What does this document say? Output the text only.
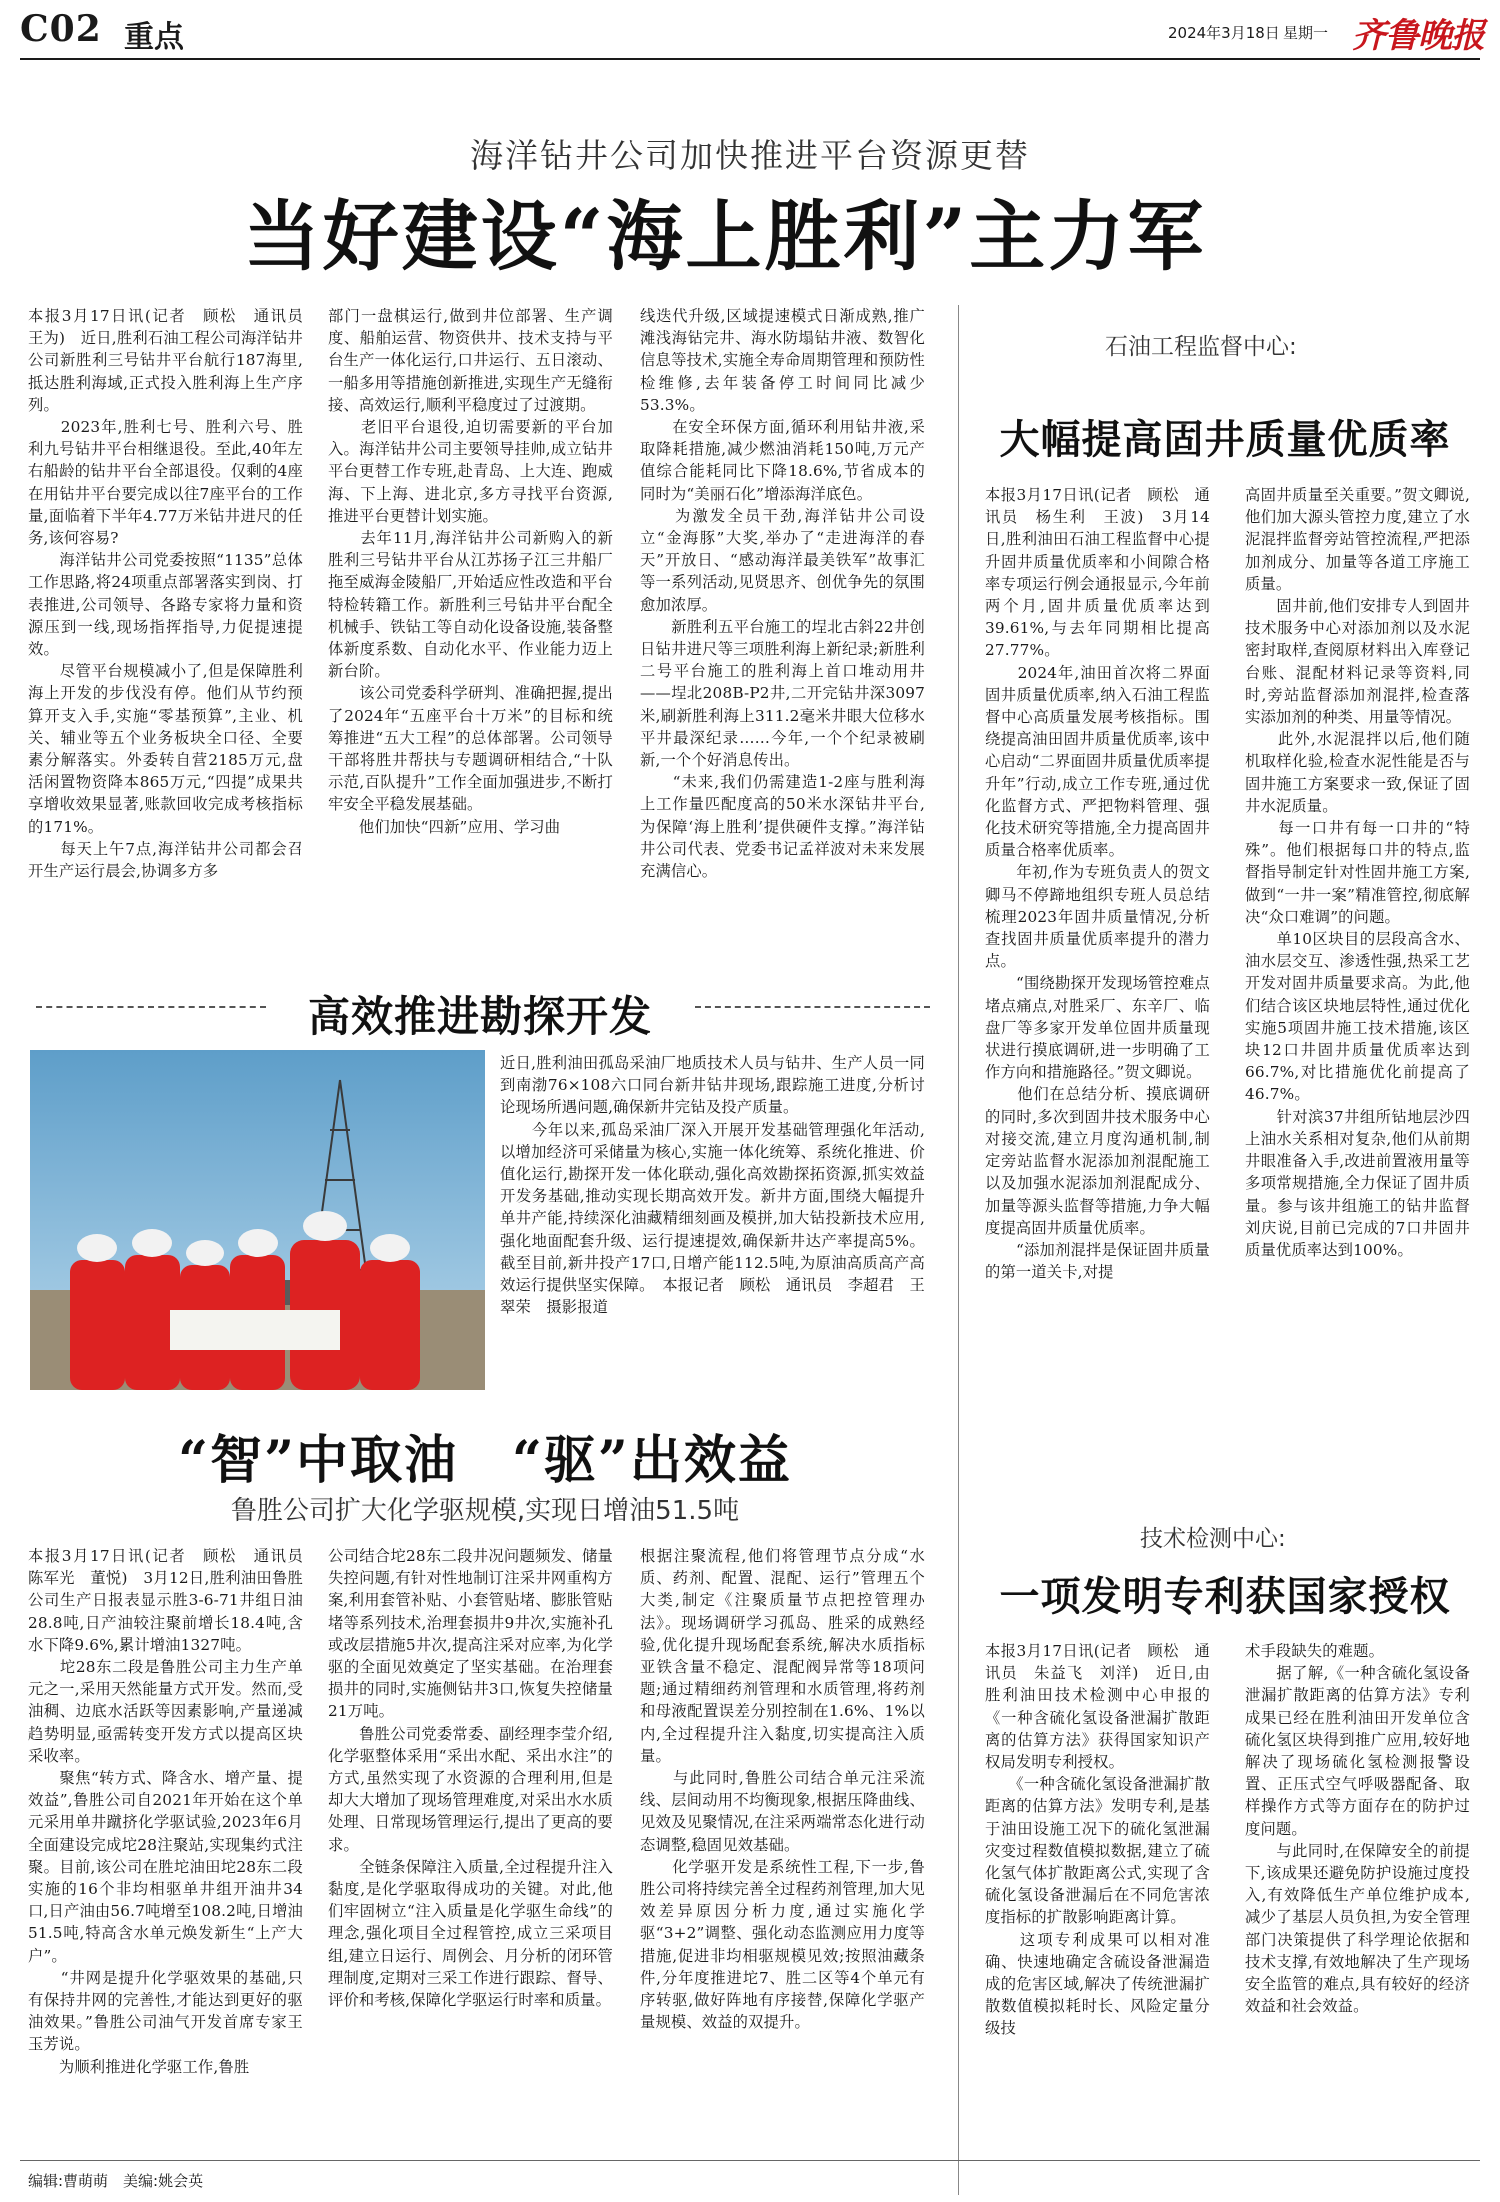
C02 重点	2024年3月18日 星期一 齐鲁晚报
海洋钻井公司加快推进平台资源更替
当好建设“海上胜利”主力军
本报3月17日讯(记者　顾松　通讯员　王为)　近日,胜利石油工程公司海洋钻井公司新胜利三号钻井平台航行187海里,抵达胜利海域,正式投入胜利海上生产序列。
　　2023年,胜利七号、胜利六号、胜利九号钻井平台相继退役。至此,40年左右船龄的钻井平台全部退役。仅剩的4座在用钻井平台要完成以往7座平台的工作量,面临着下半年4.77万米钻井进尺的任务,该何容易?
　　海洋钻井公司党委按照“1135”总体工作思路,将24项重点部署落实到岗、打表推进,公司领导、各路专家将力量和资源压到一线,现场指挥指导,力促提速提效。
　　尽管平台规模减小了,但是保障胜利海上开发的步伐没有停。他们从节约预算开支入手,实施“零基预算”,主业、机关、辅业等五个业务板块全口径、全要素分解落实。外委转自营2185万元,盘活闲置物资降本865万元,“四提”成果共享增收效果显著,账款回收完成考核指标的171%。
　　每天上午7点,海洋钻井公司都会召开生产运行晨会,协调多方多
部门一盘棋运行,做到井位部署、生产调度、船舶运营、物资供井、技术支持与平台生产一体化运行,口井运行、五日滚动、一船多用等措施创新推进,实现生产无缝衔接、高效运行,顺利平稳度过了过渡期。
　　老旧平台退役,迫切需要新的平台加入。海洋钻井公司主要领导挂帅,成立钻井平台更替工作专班,赴青岛、上大连、跑威海、下上海、进北京,多方寻找平台资源,推进平台更替计划实施。
　　去年11月,海洋钻井公司新购入的新胜利三号钻井平台从江苏扬子江三井船厂拖至威海金陵船厂,开始适应性改造和平台特检转籍工作。新胜利三号钻井平台配全机械手、铁钻工等自动化设备设施,装备整体新度系数、自动化水平、作业能力迈上新台阶。
　　该公司党委科学研判、准确把握,提出了2024年“五座平台十万米”的目标和统筹推进“五大工程”的总体部署。公司领导干部将胜井帮扶与专题调研相结合,“十队示范,百队提升”工作全面加强进步,不断打牢安全平稳发展基础。
　　他们加快“四新”应用、学习曲
线迭代升级,区域提速模式日渐成熟,推广滩浅海钻完井、海水防塌钻井液、数智化信息等技术,实施全寿命周期管理和预防性检维修,去年装备停工时间同比减少53.3%。
　　在安全环保方面,循环利用钻井液,采取降耗措施,减少燃油消耗150吨,万元产值综合能耗同比下降18.6%,节省成本的同时为“美丽石化”增添海洋底色。
　　为激发全员干劲,海洋钻井公司设立“金海豚”大奖,举办了“走进海洋的春天”开放日、“感动海洋最美铁军”故事汇等一系列活动,见贤思齐、创优争先的氛围愈加浓厚。
　　新胜利五平台施工的埕北古斜22井创日钻井进尺等三项胜利海上新纪录;新胜利二号平台施工的胜利海上首口堆动用井——埕北208B-P2井,二开完钻井深3097米,刷新胜利海上311.2毫米井眼大位移水平井最深纪录……今年,一个个纪录被刷新,一个个好消息传出。
　　“未来,我们仍需建造1-2座与胜利海上工作量匹配度高的50米水深钻井平台,为保障‘海上胜利’提供硬件支撑。”海洋钻井公司代表、党委书记孟祥波对未来发展充满信心。
高效推进勘探开发
近日,胜利油田孤岛采油厂地质技术人员与钻井、生产人员一同到南渤76×108六口同台新井钻井现场,跟踪施工进度,分析讨论现场所遇问题,确保新井完钻及投产质量。
　　今年以来,孤岛采油厂深入开展开发基础管理强化年活动,以增加经济可采储量为核心,实施一体化统筹、系统化推进、价值化运行,勘探开发一体化联动,强化高效勘探拓资源,抓实效益开发务基础,推动实现长期高效开发。新井方面,围绕大幅提升单井产能,持续深化油藏精细刻画及模拼,加大钻投新技术应用,强化地面配套升级、运行提速提效,确保新井达产率提高5%。截至目前,新井投产17口,日增产能112.5吨,为原油高质高产高效运行提供坚实保障。　本报记者　顾松　通讯员　李超君　王翠荣　摄影报道
“智”中取油　“驱”出效益
鲁胜公司扩大化学驱规模,实现日增油51.5吨
本报3月17日讯(记者　顾松　通讯员　陈军光　董悦)　3月12日,胜利油田鲁胜公司生产日报表显示胜3-6-71井组日油28.8吨,日产油较注聚前增长18.4吨,含水下降9.6%,累计增油1327吨。
　　坨28东二段是鲁胜公司主力生产单元之一,采用天然能量方式开发。然而,受油稠、边底水活跃等因素影响,产量递减趋势明显,亟需转变开发方式以提高区块采收率。
　　聚焦“转方式、降含水、增产量、提效益”,鲁胜公司自2021年开始在这个单元采用单井蹴挤化学驱试验,2023年6月全面建设完成坨28注聚站,实现集约式注聚。目前,该公司在胜坨油田坨28东二段实施的16个非均相驱单井组开油井34口,日产油由56.7吨增至108.2吨,日增油51.5吨,特高含水单元焕发新生“上产大户”。
　　“井网是提升化学驱效果的基础,只有保持井网的完善性,才能达到更好的驱油效果。”鲁胜公司油气开发首席专家王玉芳说。
　　为顺利推进化学驱工作,鲁胜
公司结合坨28东二段井况问题频发、储量失控问题,有针对性地制订注采井网重构方案,利用套管补贴、小套管贴堵、膨胀管贴堵等系列技术,治理套损井9井次,实施补孔或改层措施5井次,提高注采对应率,为化学驱的全面见效奠定了坚实基础。在治理套损井的同时,实施侧钻井3口,恢复失控储量21万吨。
　　鲁胜公司党委常委、副经理李莹介绍,化学驱整体采用“采出水配、采出水注”的方式,虽然实现了水资源的合理利用,但是却大大增加了现场管理难度,对采出水水质处理、日常现场管理运行,提出了更高的要求。
　　全链条保障注入质量,全过程提升注入黏度,是化学驱取得成功的关键。对此,他们牢固树立“注入质量是化学驱生命线”的理念,强化项目全过程管控,成立三采项目组,建立日运行、周例会、月分析的闭环管理制度,定期对三采工作进行跟踪、督导、评价和考核,保障化学驱运行时率和质量。
根据注聚流程,他们将管理节点分成“水质、药剂、配置、混配、运行”管理五个大类,制定《注聚质量节点把控管理办法》。现场调研学习孤岛、胜采的成熟经验,优化提升现场配套系统,解决水质指标亚铁含量不稳定、混配阀异常等18项问题;通过精细药剂管理和水质管理,将药剂和母液配置误差分别控制在1.6%、1%以内,全过程提升注入黏度,切实提高注入质量。
　　与此同时,鲁胜公司结合单元注采流线、层间动用不均衡现象,根据压降曲线、见效及见聚情况,在注采两端常态化进行动态调整,稳固见效基础。
　　化学驱开发是系统性工程,下一步,鲁胜公司将持续完善全过程药剂管理,加大见效差异原因分析力度,通过实施化学驱“3+2”调整、强化动态监测应用力度等措施,促进非均相驱规模见效;按照油藏条件,分年度推进坨7、胜二区等4个单元有序转驱,做好阵地有序接替,保障化学驱产量规模、效益的双提升。
石油工程监督中心:
大幅提高固井质量优质率
本报3月17日讯(记者　顾松　通讯员　杨生利　王波)　3月14日,胜利油田石油工程监督中心提升固井质量优质率和小间隙合格率专项运行例会通报显示,今年前两个月,固井质量优质率达到39.61%,与去年同期相比提高27.77%。
　　2024年,油田首次将二界面固井质量优质率,纳入石油工程监督中心高质量发展考核指标。围绕提高油田固井质量优质率,该中心启动“二界面固井质量优质率提升年”行动,成立工作专班,通过优化监督方式、严把物料管理、强化技术研究等措施,全力提高固井质量合格率优质率。
　　年初,作为专班负责人的贺文卿马不停蹄地组织专班人员总结梳理2023年固井质量情况,分析查找固井质量优质率提升的潜力点。
　　“围绕勘探开发现场管控难点堵点痛点,对胜采厂、东辛厂、临盘厂等多家开发单位固井质量现状进行摸底调研,进一步明确了工作方向和措施路径。”贺文卿说。
　　他们在总结分析、摸底调研的同时,多次到固井技术服务中心对接交流,建立月度沟通机制,制定旁站监督水泥添加剂混配施工以及加强水泥添加剂混配成分、加量等源头监督等措施,力争大幅度提高固井质量优质率。
　　“添加剂混拌是保证固井质量的第一道关卡,对提
高固井质量至关重要。”贺文卿说,他们加大源头管控力度,建立了水泥混拌监督旁站管控流程,严把添加剂成分、加量等各道工序施工质量。
　　固井前,他们安排专人到固井技术服务中心对添加剂以及水泥密封取样,查阅原材料出入库登记台账、混配材料记录等资料,同时,旁站监督添加剂混拌,检查落实添加剂的种类、用量等情况。
　　此外,水泥混拌以后,他们随机取样化验,检查水泥性能是否与固井施工方案要求一致,保证了固井水泥质量。
　　每一口井有每一口井的“特殊”。他们根据每口井的特点,监督指导制定针对性固井施工方案,做到“一井一案”精准管控,彻底解决“众口难调”的问题。
　　单10区块目的层段高含水、油水层交互、渗透性强,热采工艺开发对固井质量要求高。为此,他们结合该区块地层特性,通过优化实施5项固井施工技术措施,该区块12口井固井质量优质率达到66.7%,对比措施优化前提高了46.7%。
　　针对滨37井组所钻地层沙四上油水关系相对复杂,他们从前期井眼准备入手,改进前置液用量等多项常规措施,全力保证了固井质量。参与该井组施工的钻井监督刘庆说,目前已完成的7口井固井质量优质率达到100%。
技术检测中心:
一项发明专利获国家授权
本报3月17日讯(记者　顾松　通讯员　朱益飞　刘洋)　近日,由胜利油田技术检测中心申报的《一种含硫化氢设备泄漏扩散距离的估算方法》获得国家知识产权局发明专利授权。
　　《一种含硫化氢设备泄漏扩散距离的估算方法》发明专利,是基于油田设施工况下的硫化氢泄漏灾变过程数值模拟数据,建立了硫化氢气体扩散距离公式,实现了含硫化氢设备泄漏后在不同危害浓度指标的扩散影响距离计算。
　　这项专利成果可以相对准确、快速地确定含硫设备泄漏造成的危害区域,解决了传统泄漏扩散数值模拟耗时长、风险定量分级技
术手段缺失的难题。
　　据了解,《一种含硫化氢设备泄漏扩散距离的估算方法》专利成果已经在胜利油田开发单位含硫化氢区块得到推广应用,较好地解决了现场硫化氢检测报警设置、正压式空气呼吸器配备、取样操作方式等方面存在的防护过度问题。
　　与此同时,在保障安全的前提下,该成果还避免防护设施过度投入,有效降低生产单位维护成本,减少了基层人员负担,为安全管理部门决策提供了科学理论依据和技术支撑,有效地解决了生产现场安全监管的难点,具有较好的经济效益和社会效益。
编辑:曹萌萌　美编:姚会英
